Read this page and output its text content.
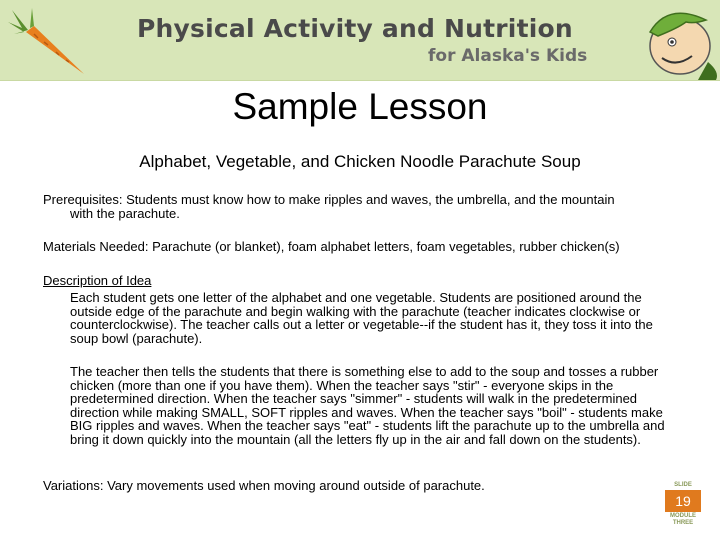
Physical Activity and Nutrition
for Alaska's Kids
Sample Lesson
Alphabet, Vegetable, and Chicken Noodle Parachute Soup
Prerequisites: Students must know how to make ripples and waves, the umbrella, and the mountain
with the parachute.
Materials Needed: Parachute (or blanket), foam alphabet letters, foam vegetables, rubber chicken(s)
Description of Idea
Each student gets one letter of the alphabet and one vegetable. Students are positioned around the outside edge of the parachute and begin walking with the parachute (teacher indicates clockwise or counterclockwise). The teacher calls out a letter or vegetable--if the student has it, they toss it into the soup bowl (parachute).
The teacher then tells the students that there is something else to add to the soup and tosses a rubber chicken (more than one if you have them). When the teacher says "stir" - everyone skips in the predetermined direction. When the teacher says "simmer" - students will walk in the predetermined direction while making SMALL, SOFT ripples and waves. When the teacher says "boil" - students make BIG ripples and waves. When the teacher says "eat" - students lift the parachute up to the umbrella and bring it down quickly into the mountain (all the letters fly up in the air and fall down on the students).
Variations: Vary movements used when moving around outside of parachute.	SLIDE
19
MODULE THREE
